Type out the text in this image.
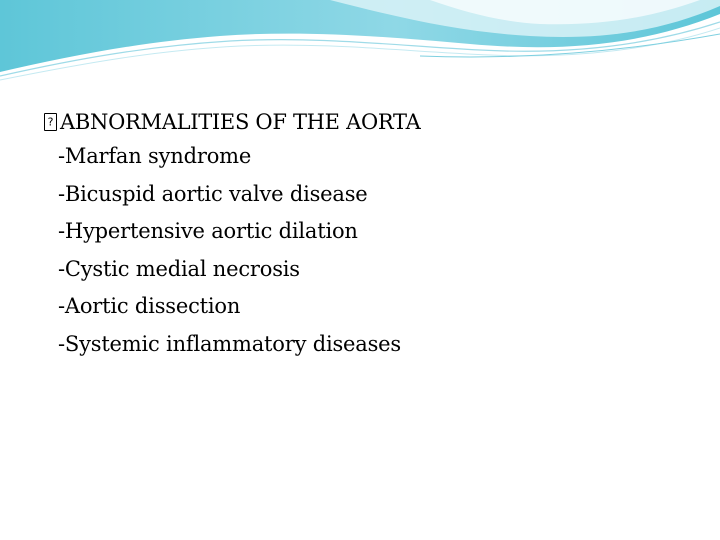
?
ABNORMALITIES OF THE AORTA
-Marfan syndrome
-Bicuspid aortic valve disease
-Hypertensive aortic dilation
-Cystic medial necrosis
-Aortic dissection
-Systemic inflammatory diseases
